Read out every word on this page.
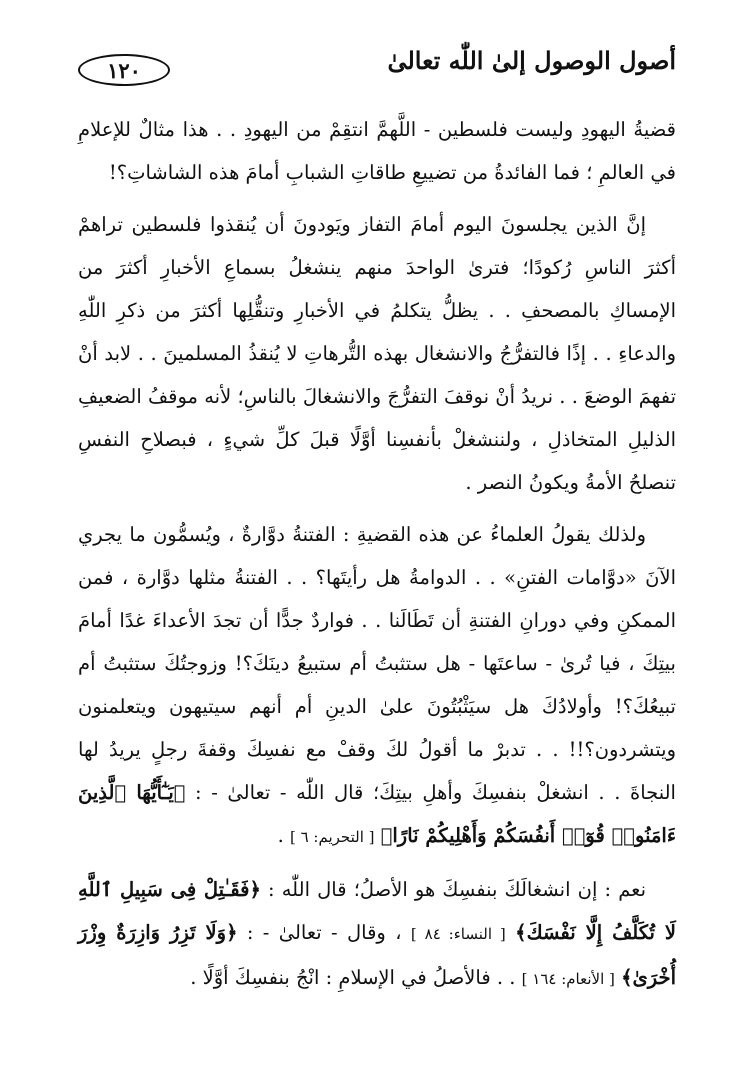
أصول الوصول إلىٰ اللّٰه تعالىٰ
١٢٠

قضيةُ اليهودِ وليست فلسطين - اللَّهمَّ انتقِمْ من اليهودِ . . هذا مثالٌ للإعلامِ في العالمِ ؛ فما الفائدةُ من تضييعِ طاقاتِ الشبابِ أمامَ هذه الشاشاتِ؟!

إنَّ الذين يجلسونَ اليوم أمامَ التفاز ويَودونَ أن يُنقذوا فلسطين تراهمْ أكثرَ الناسِ رُكودًا؛ فترىٰ الواحدَ منهم ينشغلُ بسماعِ الأخبارِ أكثرَ من الإمساكِ بالمصحفِ . . يظلُّ يتكلمُ في الأخبارِ وتنقُّلِها أكثرَ من ذكرِ اللّٰهِ والدعاءِ . . إذًا فالتفرُّجُ والانشغال بهذه التُّرهاتِ لا يُنقذُ المسلمينَ . . لابد أنْ تفهمَ الوضعَ . . نريدُ أنْ نوقفَ التفرُّجَ والانشغالَ بالناسِ؛ لأنه موقفُ الضعيفِ الذليلِ المتخاذلِ ، ولننشغلْ بأنفسِنا أوَّلًا قبلَ كلِّ شيءٍ ، فبصلاحِ النفسِ تنصلحُ الأمةُ ويكونُ النصر .

ولذلك يقولُ العلماءُ عن هذه القضيةِ : الفتنةُ دوَّارةٌ ، ويُسمُّون ما يجري الآنَ «دوَّامات الفتنِ» . . الدوامةُ هل رأيتَها؟ . . الفتنةُ مثلها دوَّارة ، فمن الممكنِ وفي دورانِ الفتنةِ أن تَطَالَنا . . فواردٌ جدًّا أن تجدَ الأعداءَ غدًا أمامَ بيتِكَ ، فيا تُرىٰ - ساعتَها - هل ستثبتُ أم ستبيعُ دينَكَ؟! وزوجتُكَ ستثبتُ أم تبيعُكَ؟! وأولادُكَ هل سيَثْبُتُونَ علىٰ الدينِ أم أنهم سيتيهون ويتعلمنون ويتشردون؟!! . . تدبرْ ما أقولُ لكَ وقفْ مع نفسِكَ وقفةَ رجلٍ يريدُ لها النجاةَ . . انشغلْ بنفسِكَ وأهلِ بيتِكَ؛ قال اللّٰه - تعالىٰ - : ﴿يَـٰٓأَيُّهَا ٱلَّذِينَ ءَامَنُوا۟ قُوٓا۟ أَنفُسَكُمْ وَأَهْلِيكُمْ نَارًا﴾ [ التحريم: ٦ ] .

نعم : إن انشغالَكَ بنفسِكَ هو الأصلُ؛ قال اللّٰه : ﴿فَقَـٰتِلْ فِى سَبِيلِ ٱللَّهِ لَا تُكَلَّفُ إِلَّا نَفْسَكَ﴾ [ النساء: ٨٤ ] ، وقال - تعالىٰ - : ﴿وَلَا تَزِرُ وَازِرَةٌ وِزْرَ أُخْرَىٰ﴾ [ الأنعام: ١٦٤ ] . . فالأصلُ في الإسلامِ : انْجُ بنفسِكَ أوَّلًا .
